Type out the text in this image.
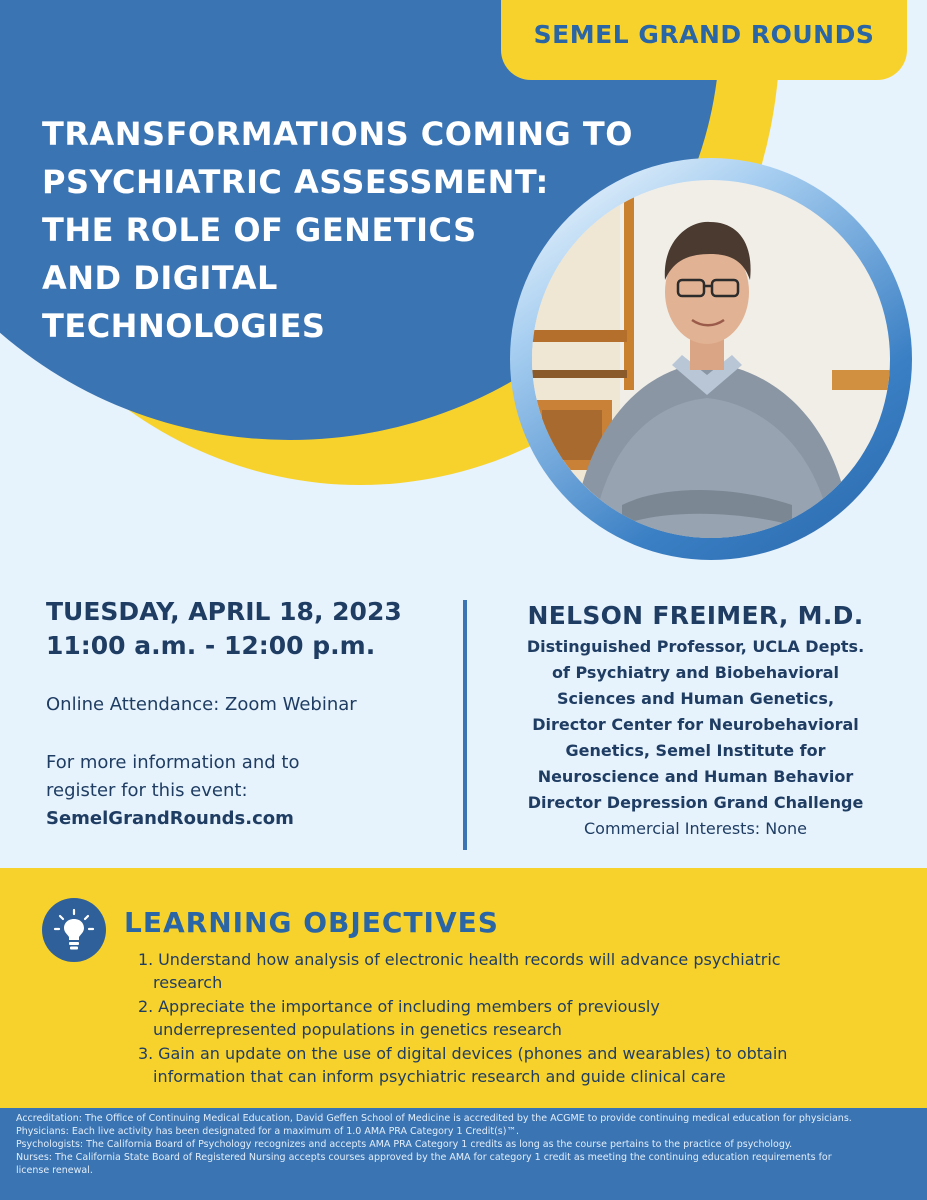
SEMEL GRAND ROUNDS
TRANSFORMATIONS COMING TO
PSYCHIATRIC ASSESSMENT:
THE ROLE OF GENETICS
AND DIGITAL
TECHNOLOGIES
TUESDAY, APRIL 18, 2023
11:00 a.m. - 12:00 p.m.
Online Attendance: Zoom Webinar
For more information and to
register for this event:
SemelGrandRounds.com
NELSON FREIMER, M.D.
Distinguished Professor, UCLA Depts.
of Psychiatry and Biobehavioral
Sciences and Human Genetics,
Director Center for Neurobehavioral
Genetics, Semel Institute for
Neuroscience and Human Behavior
Director Depression Grand Challenge
Commercial Interests: None
LEARNING OBJECTIVES
1. Understand how analysis of electronic health records will advance psychiatric
research
2. Appreciate the importance of including members of previously
underrepresented populations in genetics research
3. Gain an update on the use of digital devices (phones and wearables) to obtain
information that can inform psychiatric research and guide clinical care
Accreditation: The Office of Continuing Medical Education, David Geffen School of Medicine is accredited by the ACGME to provide continuing medical education for physicians.
Physicians: Each live activity has been designated for a maximum of 1.0 AMA PRA Category 1 Credit(s)™.
Psychologists: The California Board of Psychology recognizes and accepts AMA PRA Category 1 credits as long as the course pertains to the practice of psychology.
Nurses: The California State Board of Registered Nursing accepts courses approved by the AMA for category 1 credit as meeting the continuing education requirements for
license renewal.
